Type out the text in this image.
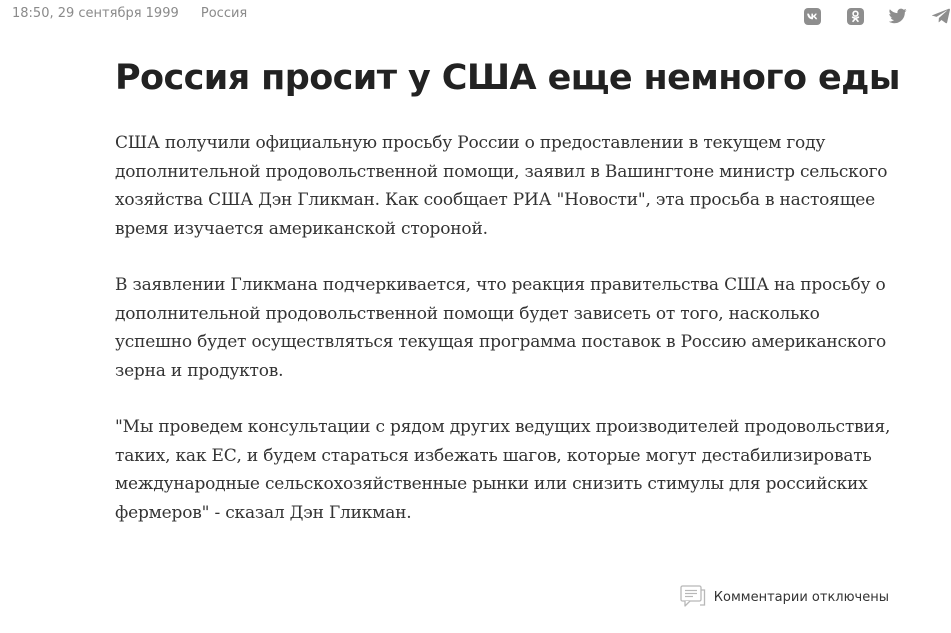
18:50, 29 сентября 1999 Россия
Россия просит у США еще немного еды

США получили официальную просьбу России о предоставлении в текущем году дополнительной продовольственной помощи, заявил в Вашингтоне министр сельского хозяйства США Дэн Гликман. Как сообщает РИА "Новости", эта просьба в настоящее время изучается американской стороной.

В заявлении Гликмана подчеркивается, что реакция правительства США на просьбу о дополнительной продовольственной помощи будет зависеть от того, насколько успешно будет осуществляться текущая программа поставок в Россию американского зерна и продуктов.

"Мы проведем консультации с рядом других ведущих производителей продовольствия, таких, как ЕС, и будем стараться избежать шагов, которые могут дестабилизировать международные сельскохозяйственные рынки или снизить стимулы для российских фермеров" - сказал Дэн Гликман.

Комментарии отключены
